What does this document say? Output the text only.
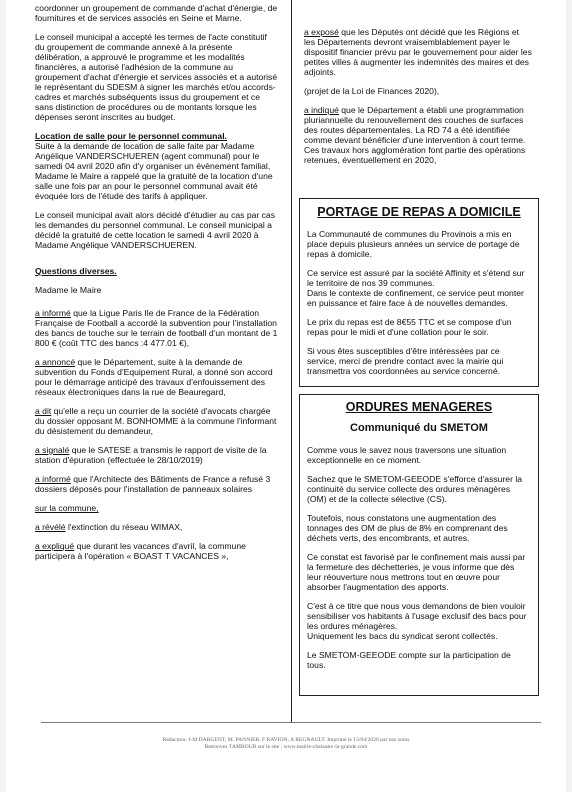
coordonner un groupement de commande d'achat d'énergie, de fournitures et de services associés en Seine et Marne.

Le conseil municipal a accepté les termes de l'acte constitutif du groupement de commande annexé à la présente délibération, a approuvé le programme et les modalités financières, a autorisé l'adhésion de la commune au groupement d'achat d'énergie et services associés et a autorisé le représentant du SDESM à signer les marchés et/ou accords-cadres et marchés subséquents issus du groupement et ce sans distinction de procédures ou de montants lorsque les dépenses seront inscrites au budget.

Location de salle pour le personnel communal.

Suite à la demande de location de salle faite par Madame Angélique VANDERSCHUEREN (agent communal) pour le samedi 04 avril 2020 afin d'y organiser un évènement familial, Madame le Maire a rappelé que la gratuité de la location d'une salle une fois par an pour le personnel communal avait été évoquée lors de l'étude des tarifs à appliquer.

Le conseil municipal avait alors décidé d'étudier au cas par cas les demandes du personnel communal. Le conseil municipal a décidé la gratuité de cette location le samedi 4 avril 2020 à Madame Angélique VANDERSCHUEREN.

Questions diverses.

Madame le Maire

a informé que la Ligue Paris Ile de France de la Fédération Française de Football a accordé la subvention pour l'installation des bancs de touche sur le terrain de football d'un montant de 1 800 € (coût TTC des bancs :4 477.01 €),

a annoncé que le Département, suite à la demande de subvention du Fonds d'Equipement Rural, a donné son accord pour le démarrage anticipé des travaux d'enfouissement des réseaux électroniques dans la rue de Beauregard,

a dit qu'elle a reçu un courrier de la société d'avocats chargée du dossier opposant M. BONHOMME à la commune l'informant du désistement du demandeur,

a signalé que le SATESE a transmis le rapport de visite de la station d'épuration (effectuée le 28/10/2019)

a informé que l'Architecte des Bâtiments de France a refusé 3 dossiers déposés pour l'installation de panneaux solaires

sur la commune,

a révélé l'extinction du réseau WIMAX,

a expliqué que durant les vacances d'avril, la commune participera à l'opération « BOAST T VACANCES »,

a exposé que les Députés ont décidé que les Régions et les Départements devront vraisemblablement payer le dispositif financier prévu par le gouvernement pour aider les petites villes à augmenter les indemnités des maires et des adjoints.

(projet de la Loi de Finances 2020),

a indiqué que le Département a établi une programmation pluriannuelle du renouvellement des couches de surfaces des routes départementales. La RD 74 a été identifiée comme devant bénéficier d'une intervention à court terme. Ces travaux hors agglomération font partie des opérations retenues, éventuellement en 2020,

PORTAGE DE REPAS A DOMICILE

La Communauté de communes du Provinois a mis en place depuis plusieurs années un service de portage de repas à domicile.

Ce service est assuré par la société Affinity et s'étend sur le territoire de nos 39 communes.

Dans le contexte de confinement, ce service peut monter en puissance et faire face à de nouvelles demandes.

Le prix du repas est de 8€55 TTC et se compose d'un repas pour le midi et d'une collation pour le soir.

Si vous êtes susceptibles d'être intéressées par ce service, merci de prendre contact avec la mairie qui transmettra vos coordonnées au service concerné.

ORDURES MENAGERES
Communiqué du SMETOM

Comme vous le savez nous traversons une situation exceptionnelle en ce moment.

Sachez que le SMETOM-GEEODE s'efforce d'assurer la continuité du service collecte des ordures ménagères (OM) et de la collecte sélective (CS).

Toutefois, nous constatons une augmentation des tonnages des OM de plus de 8% en comprenant des déchets verts, des encombrants, et autres.

Ce constat est favorisé par le confinement mais aussi par la fermeture des déchetteries, je vous informe que dès leur réouverture nous mettrons tout en œuvre pour absorber l'augmentation des apports.

C'est à ce titre que nous vous demandons de bien vouloir sensibiliser vos habitants à l'usage exclusif des bacs pour les ordures ménagères.

Uniquement les bacs du syndicat seront collectés.

Le SMETOM-GEEODE compte sur la participation de tous.

Rédaction: J-M DARGENT, M. PANNIER, F RAVION, A REGNAULT. Imprimé le 15/04/2020 par nos soins
Retrouvez TAMBOUR sur le site : www.mairie-chalautre-la-grande.com
